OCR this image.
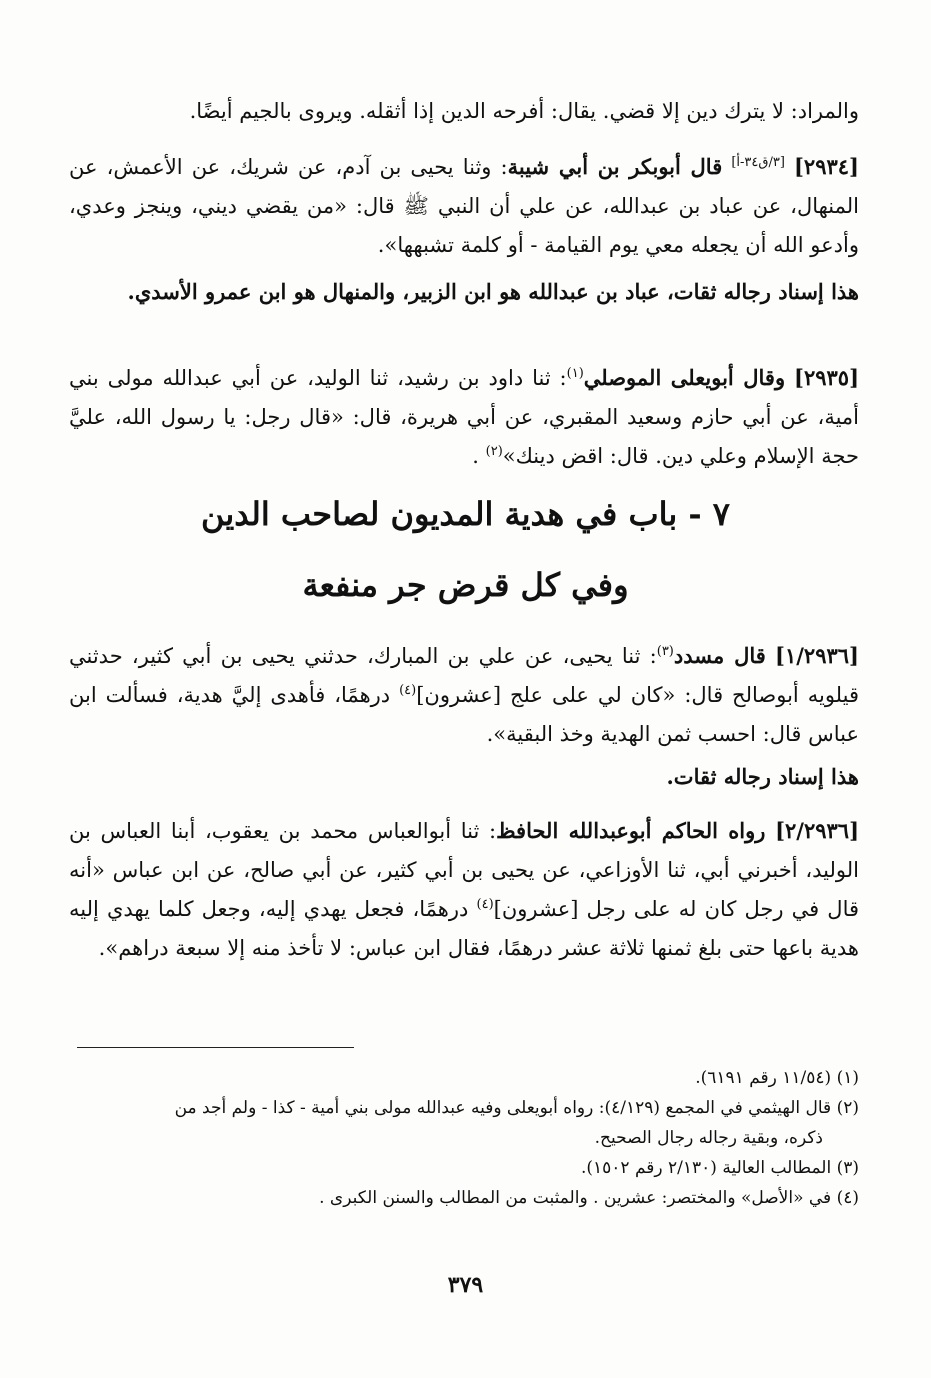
والمراد: لا يترك دين إلا قضي. يقال: أفرحه الدين إذا أثقله. ويروى بالجيم أيضًا.

[٢٩٣٤] [٣/ق٣٤-أ] قال أبوبكر بن أبي شيبة: وثنا يحيى بن آدم، عن شريك، عن الأعمش، عن المنهال، عن عباد بن عبدالله، عن علي أن النبي ﷺ قال: «من يقضي ديني، وينجز وعدي، وأدعو الله أن يجعله معي يوم القيامة - أو كلمة تشبهها».

هذا إسناد رجاله ثقات، عباد بن عبدالله هو ابن الزبير، والمنهال هو ابن عمرو الأسدي.

[٢٩٣٥] وقال أبويعلى الموصلي$^{(١)}$: ثنا داود بن رشيد، ثنا الوليد، عن أبي عبدالله مولى بني أمية، عن أبي حازم وسعيد المقبري، عن أبي هريرة، قال: «قال رجل: يا رسول الله، عليَّ حجة الإسلام وعلي دين. قال: اقض دينك»$^{(٢)}$ .

٧ - باب في هدية المديون لصاحب الدين
وفي كل قرض جر منفعة

[١/٢٩٣٦] قال مسدد$^{(٣)}$: ثنا يحيى، عن علي بن المبارك، حدثني يحيى بن أبي كثير، حدثني قيلويه أبوصالح قال: «كان لي على علج [عشرون]$^{(٤)}$ درهمًا، فأهدى إليَّ هدية، فسألت ابن عباس قال: احسب ثمن الهدية وخذ البقية».

هذا إسناد رجاله ثقات.

[٢/٢٩٣٦] رواه الحاكم أبوعبدالله الحافظ: ثنا أبوالعباس محمد بن يعقوب، أبنا العباس بن الوليد، أخبرني أبي، ثنا الأوزاعي، عن يحيى بن أبي كثير، عن أبي صالح، عن ابن عباس «أنه قال في رجل كان له على رجل [عشرون]$^{(٤)}$ درهمًا، فجعل يهدي إليه، وجعل كلما يهدي إليه هدية باعها حتى بلغ ثمنها ثلاثة عشر درهمًا، فقال ابن عباس: لا تأخذ منه إلا سبعة دراهم».

(١) (١١/٥٤ رقم ٦١٩١).

(٢) قال الهيثمي في المجمع (٤/١٢٩): رواه أبويعلى وفيه عبدالله مولى بني أمية - كذا - ولم أجد من
ذكره، وبقية رجاله رجال الصحيح.

(٣) المطالب العالية (٢/١٣٠ رقم ١٥٠٢).

(٤) في «الأصل» والمختصر: عشرين . والمثبت من المطالب والسنن الكبرى .

٣٧٩
